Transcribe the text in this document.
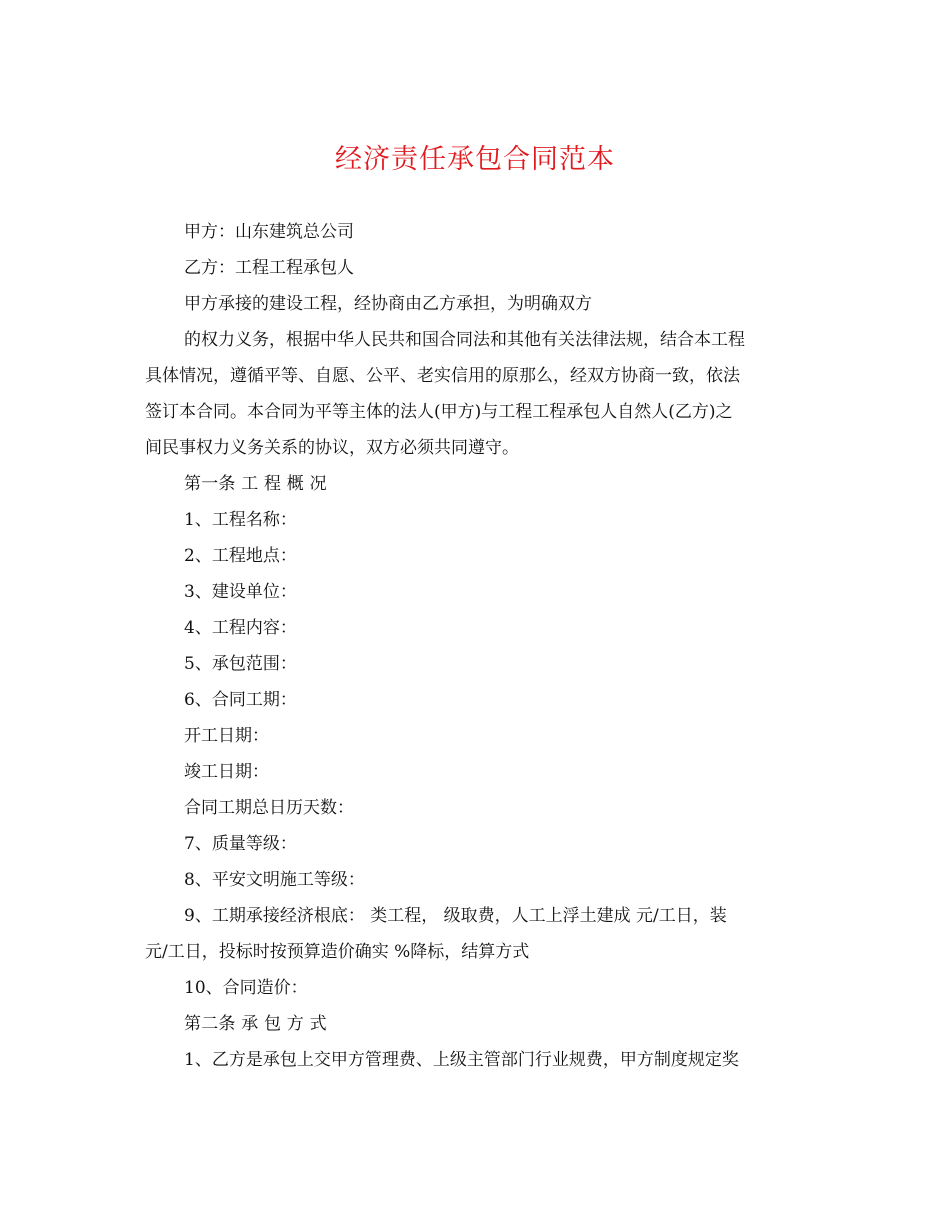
经济责任承包合同范本

甲方：山东建筑总公司

乙方：工程工程承包人

甲方承接的建设工程，经协商由乙方承担，为明确双方

的权力义务，根据中华人民共和国合同法和其他有关法律法规，结合本工程

具体情况，遵循平等、自愿、公平、老实信用的原那么，经双方协商一致，依法

签订本合同。本合同为平等主体的法人(甲方)与工程工程承包人自然人(乙方)之

间民事权力义务关系的协议，双方必须共同遵守。

第一条 工 程 概 况

1、工程名称：

2、工程地点：

3、建设单位：

4、工程内容：

5、承包范围：

6、合同工期：

开工日期：

竣工日期：

合同工期总日历天数：

7、质量等级：

8、平安文明施工等级：

9、工期承接经济根底： 类工程， 级取费，人工上浮土建成 元/工日，装

元/工日，投标时按预算造价确实 %降标，结算方式

10、合同造价：

第二条 承 包 方 式

1、乙方是承包上交甲方管理费、上级主管部门行业规费，甲方制度规定奖
